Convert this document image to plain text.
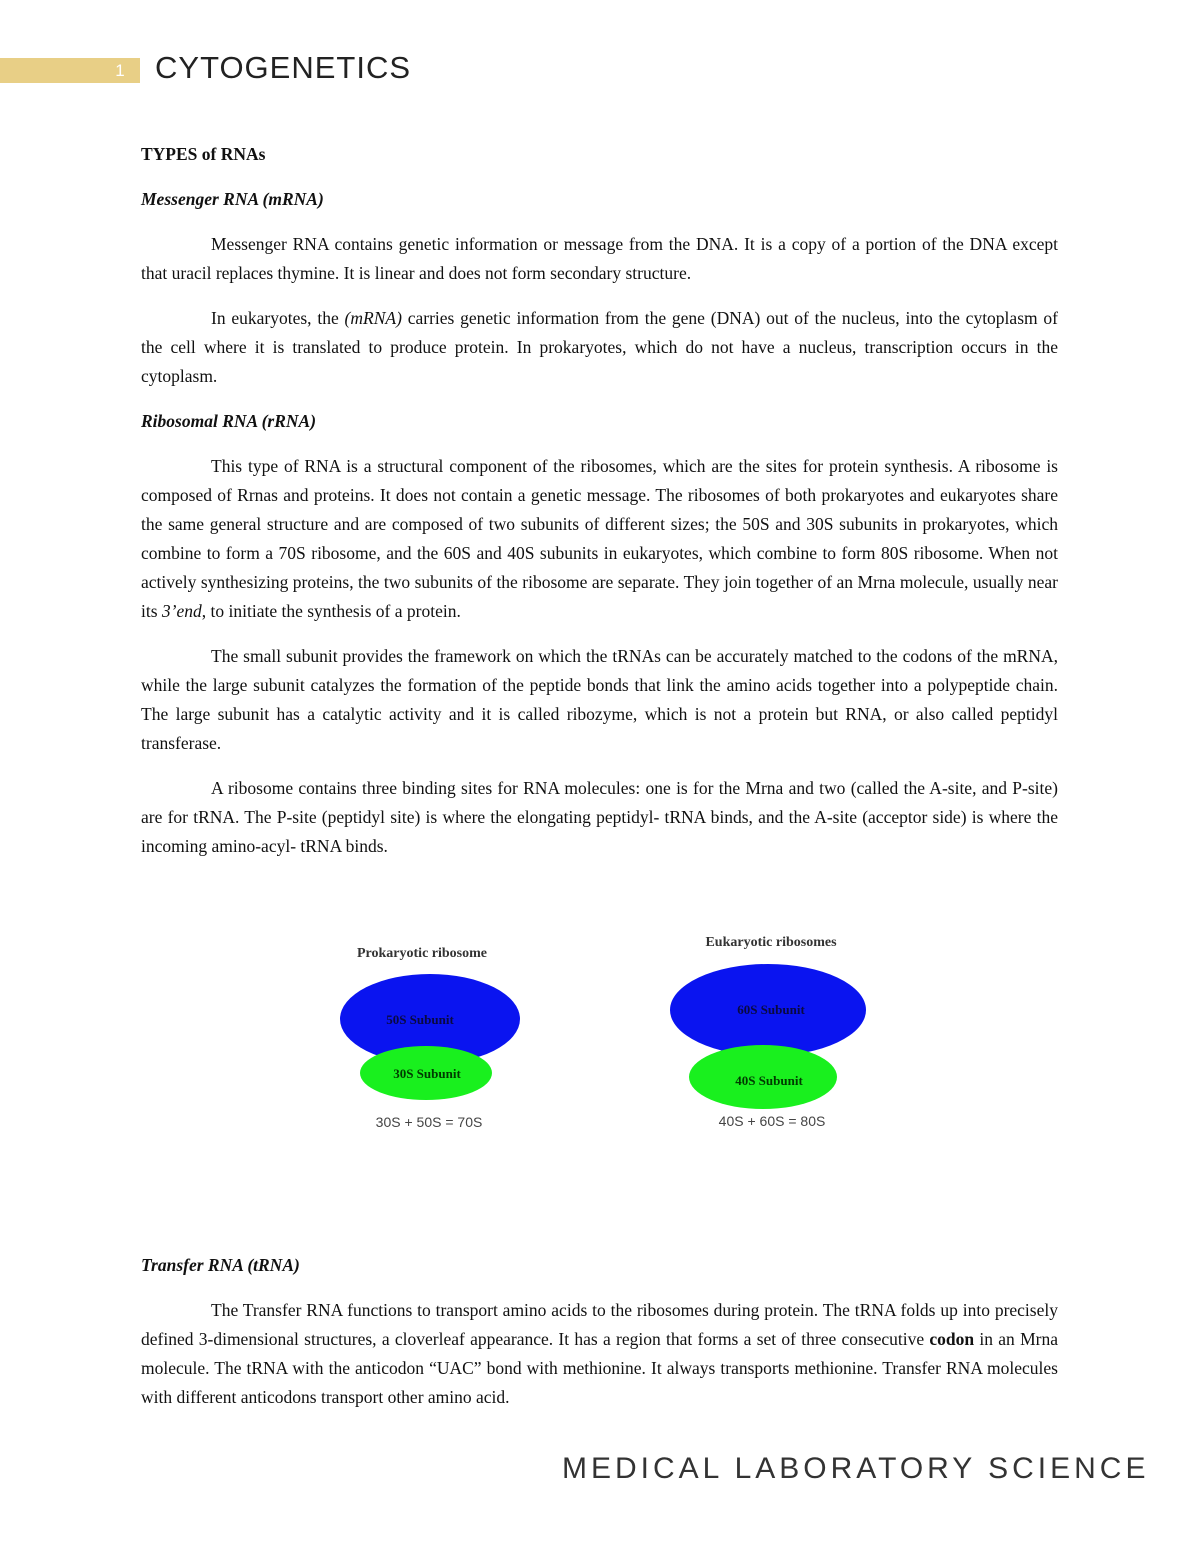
1 CYTOGENETICS
TYPES of RNAs
Messenger RNA (mRNA)

Messenger RNA contains genetic information or message from the DNA. It is a copy of a portion of the DNA except that uracil replaces thymine. It is linear and does not form secondary structure.

In eukaryotes, the (mRNA) carries genetic information from the gene (DNA) out of the nucleus, into the cytoplasm of the cell where it is translated to produce protein. In prokaryotes, which do not have a nucleus, transcription occurs in the cytoplasm.

Ribosomal RNA (rRNA)

This type of RNA is a structural component of the ribosomes, which are the sites for protein synthesis. A ribosome is composed of Rrnas and proteins. It does not contain a genetic message. The ribosomes of both prokaryotes and eukaryotes share the same general structure and are composed of two subunits of different sizes; the 50S and 30S subunits in prokaryotes, which combine to form a 70S ribosome, and the 60S and 40S subunits in eukaryotes, which combine to form 80S ribosome. When not actively synthesizing proteins, the two subunits of the ribosome are separate. They join together of an Mrna molecule, usually near its 3’end, to initiate the synthesis of a protein.

The small subunit provides the framework on which the tRNAs can be accurately matched to the codons of the mRNA, while the large subunit catalyzes the formation of the peptide bonds that link the amino acids together into a polypeptide chain. The large subunit has a catalytic activity and it is called ribozyme, which is not a protein but RNA, or also called peptidyl transferase.

A ribosome contains three binding sites for RNA molecules: one is for the Mrna and two (called the A-site, and P-site) are for tRNA. The P-site (peptidyl site) is where the elongating peptidyl- tRNA binds, and the A-site (acceptor side) is where the incoming amino-acyl- tRNA binds.

Prokaryotic ribosome
50S Subunit
30S Subunit
30S + 50S = 70S
Eukaryotic ribosomes
60S Subunit
40S Subunit
40S + 60S = 80S
Transfer RNA (tRNA)

The Transfer RNA functions to transport amino acids to the ribosomes during protein. The tRNA folds up into precisely defined 3-dimensional structures, a cloverleaf appearance. It has a region that forms a set of three consecutive codon in an Mrna molecule. The tRNA with the anticodon “UAC” bond with methionine. It always transports methionine. Transfer RNA molecules with different anticodons transport other amino acid.

MEDICAL LABORATORY SCIENCE
